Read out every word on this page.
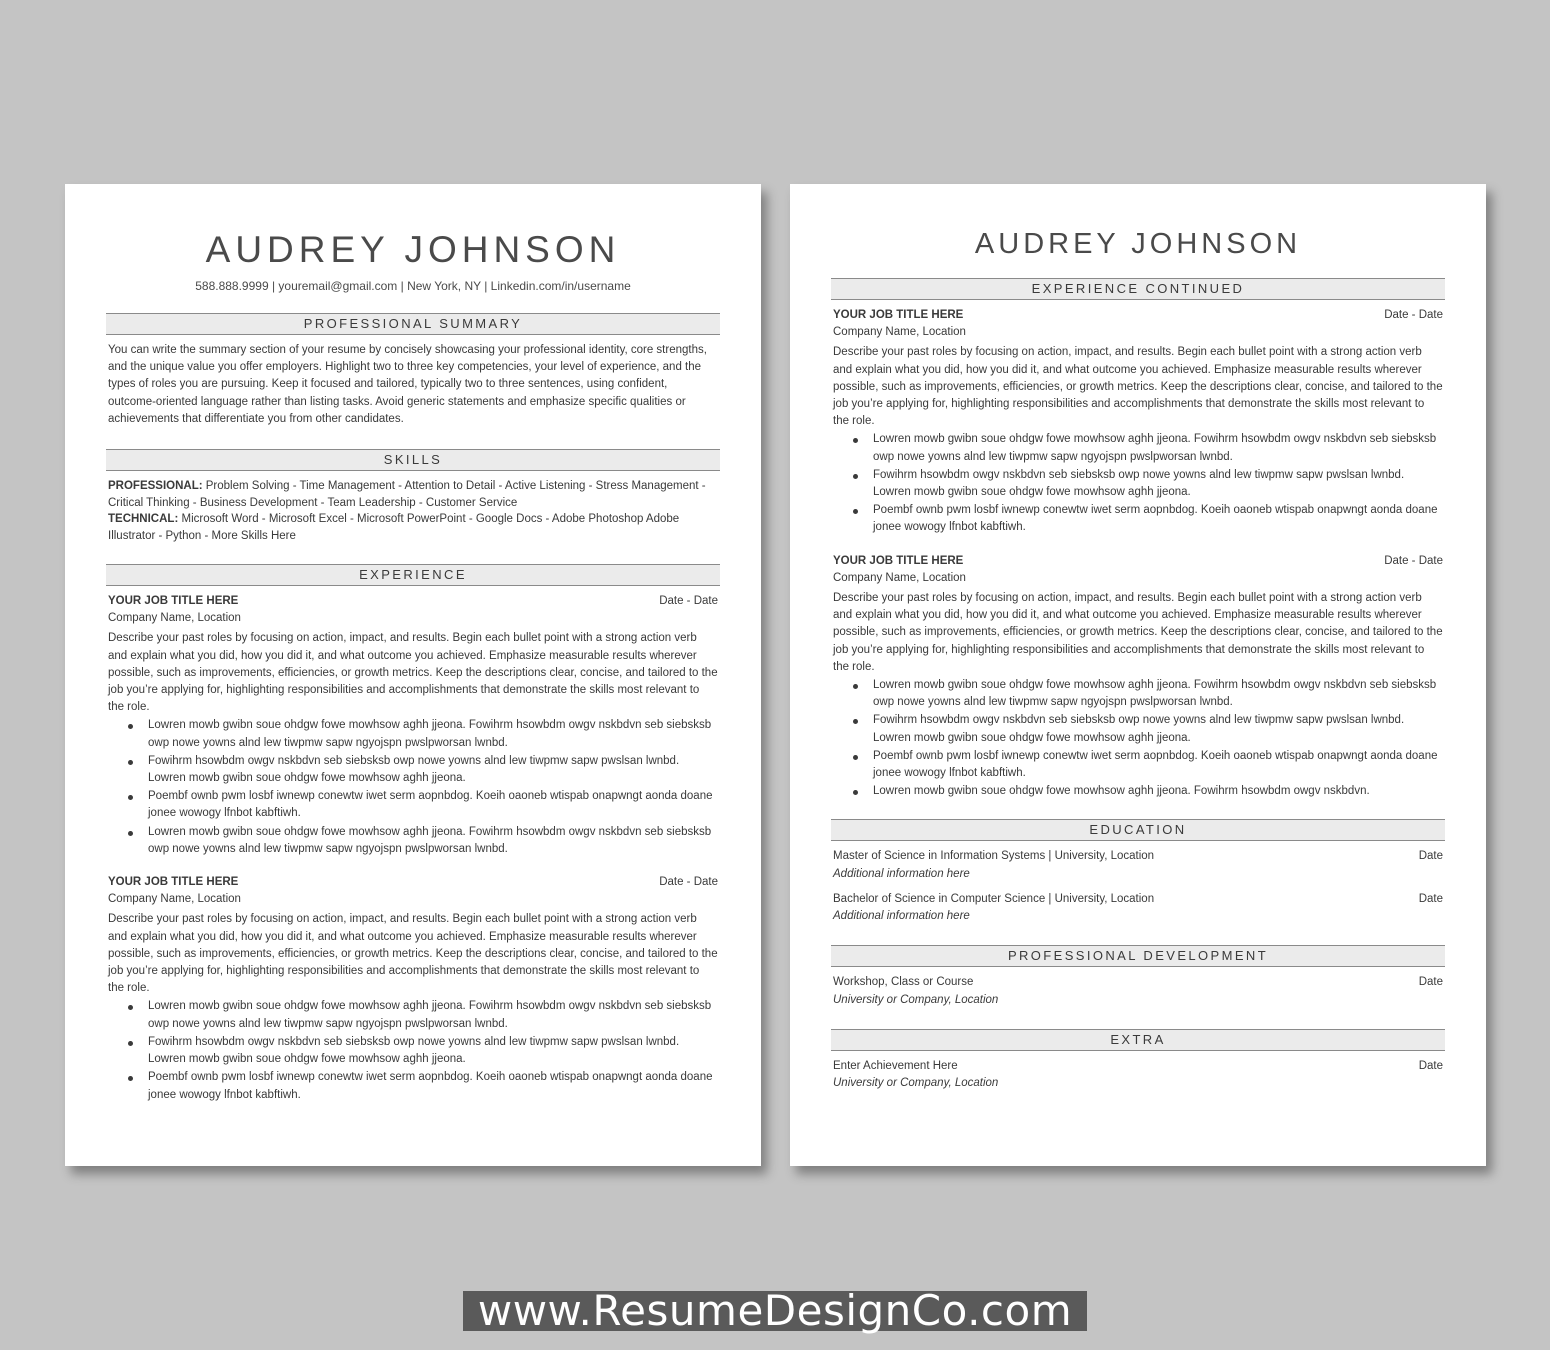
AUDREY JOHNSON
588.888.9999 | youremail@gmail.com | New York, NY | Linkedin.com/in/username
PROFESSIONAL SUMMARY

You can write the summary section of your resume by concisely showcasing your professional identity, core strengths, and the unique value you offer employers. Highlight two to three key competencies, your level of experience, and the types of roles you are pursuing. Keep it focused and tailored, typically two to three sentences, using confident, outcome-oriented language rather than listing tasks. Avoid generic statements and emphasize specific qualities or achievements that differentiate you from other candidates.

SKILLS

PROFESSIONAL: Problem Solving - Time Management - Attention to Detail - Active Listening - Stress Management - Critical Thinking - Business Development - Team Leadership - Customer Service

TECHNICAL: Microsoft Word - Microsoft Excel - Microsoft PowerPoint - Google Docs - Adobe Photoshop Adobe Illustrator - Python - More Skills Here

EXPERIENCE
YOUR JOB TITLE HERE	Date - Date
Company Name, Location

Describe your past roles by focusing on action, impact, and results. Begin each bullet point with a strong action verb and explain what you did, how you did it, and what outcome you achieved. Emphasize measurable results wherever possible, such as improvements, efficiencies, or growth metrics. Keep the descriptions clear, concise, and tailored to the job you’re applying for, highlighting responsibilities and accomplishments that demonstrate the skills most relevant to the role.

Lowren mowb gwibn soue ohdgw fowe mowhsow aghh jjeona. Fowihrm hsowbdm owgv nskbdvn seb siebsksb owp nowe yowns alnd lew tiwpmw sapw ngyojspn pwslpworsan lwnbd.
Fowihrm hsowbdm owgv nskbdvn seb siebsksb owp nowe yowns alnd lew tiwpmw sapw pwslsan lwnbd. Lowren mowb gwibn soue ohdgw fowe mowhsow aghh jjeona.
Poembf ownb pwm losbf iwnewp conewtw iwet serm aopnbdog. Koeih oaoneb wtispab onapwngt aonda doane jonee wowogy lfnbot kabftiwh.
Lowren mowb gwibn soue ohdgw fowe mowhsow aghh jjeona. Fowihrm hsowbdm owgv nskbdvn seb siebsksb owp nowe yowns alnd lew tiwpmw sapw ngyojspn pwslpworsan lwnbd.
YOUR JOB TITLE HERE	Date - Date
Company Name, Location

Describe your past roles by focusing on action, impact, and results. Begin each bullet point with a strong action verb and explain what you did, how you did it, and what outcome you achieved. Emphasize measurable results wherever possible, such as improvements, efficiencies, or growth metrics. Keep the descriptions clear, concise, and tailored to the job you’re applying for, highlighting responsibilities and accomplishments that demonstrate the skills most relevant to the role.

Lowren mowb gwibn soue ohdgw fowe mowhsow aghh jjeona. Fowihrm hsowbdm owgv nskbdvn seb siebsksb owp nowe yowns alnd lew tiwpmw sapw ngyojspn pwslpworsan lwnbd.
Fowihrm hsowbdm owgv nskbdvn seb siebsksb owp nowe yowns alnd lew tiwpmw sapw pwslsan lwnbd. Lowren mowb gwibn soue ohdgw fowe mowhsow aghh jjeona.
Poembf ownb pwm losbf iwnewp conewtw iwet serm aopnbdog. Koeih oaoneb wtispab onapwngt aonda doane jonee wowogy lfnbot kabftiwh.
AUDREY JOHNSON
EXPERIENCE CONTINUED
YOUR JOB TITLE HERE	Date - Date
Company Name, Location

Describe your past roles by focusing on action, impact, and results. Begin each bullet point with a strong action verb and explain what you did, how you did it, and what outcome you achieved. Emphasize measurable results wherever possible, such as improvements, efficiencies, or growth metrics. Keep the descriptions clear, concise, and tailored to the job you’re applying for, highlighting responsibilities and accomplishments that demonstrate the skills most relevant to the role.

Lowren mowb gwibn soue ohdgw fowe mowhsow aghh jjeona. Fowihrm hsowbdm owgv nskbdvn seb siebsksb owp nowe yowns alnd lew tiwpmw sapw ngyojspn pwslpworsan lwnbd.
Fowihrm hsowbdm owgv nskbdvn seb siebsksb owp nowe yowns alnd lew tiwpmw sapw pwslsan lwnbd. Lowren mowb gwibn soue ohdgw fowe mowhsow aghh jjeona.
Poembf ownb pwm losbf iwnewp conewtw iwet serm aopnbdog. Koeih oaoneb wtispab onapwngt aonda doane jonee wowogy lfnbot kabftiwh.
YOUR JOB TITLE HERE	Date - Date
Company Name, Location

Describe your past roles by focusing on action, impact, and results. Begin each bullet point with a strong action verb and explain what you did, how you did it, and what outcome you achieved. Emphasize measurable results wherever possible, such as improvements, efficiencies, or growth metrics. Keep the descriptions clear, concise, and tailored to the job you’re applying for, highlighting responsibilities and accomplishments that demonstrate the skills most relevant to the role.

Lowren mowb gwibn soue ohdgw fowe mowhsow aghh jjeona. Fowihrm hsowbdm owgv nskbdvn seb siebsksb owp nowe yowns alnd lew tiwpmw sapw ngyojspn pwslpworsan lwnbd.
Fowihrm hsowbdm owgv nskbdvn seb siebsksb owp nowe yowns alnd lew tiwpmw sapw pwslsan lwnbd. Lowren mowb gwibn soue ohdgw fowe mowhsow aghh jjeona.
Poembf ownb pwm losbf iwnewp conewtw iwet serm aopnbdog. Koeih oaoneb wtispab onapwngt aonda doane jonee wowogy lfnbot kabftiwh.
Lowren mowb gwibn soue ohdgw fowe mowhsow aghh jjeona. Fowihrm hsowbdm owgv nskbdvn.
EDUCATION
Master of Science in Information Systems | University, Location	Date
Additional information here
Bachelor of Science in Computer Science | University, Location	Date
Additional information here
PROFESSIONAL DEVELOPMENT
Workshop, Class or Course	Date
University or Company, Location
EXTRA
Enter Achievement Here	Date
University or Company, Location
www.ResumeDesignCo.com
